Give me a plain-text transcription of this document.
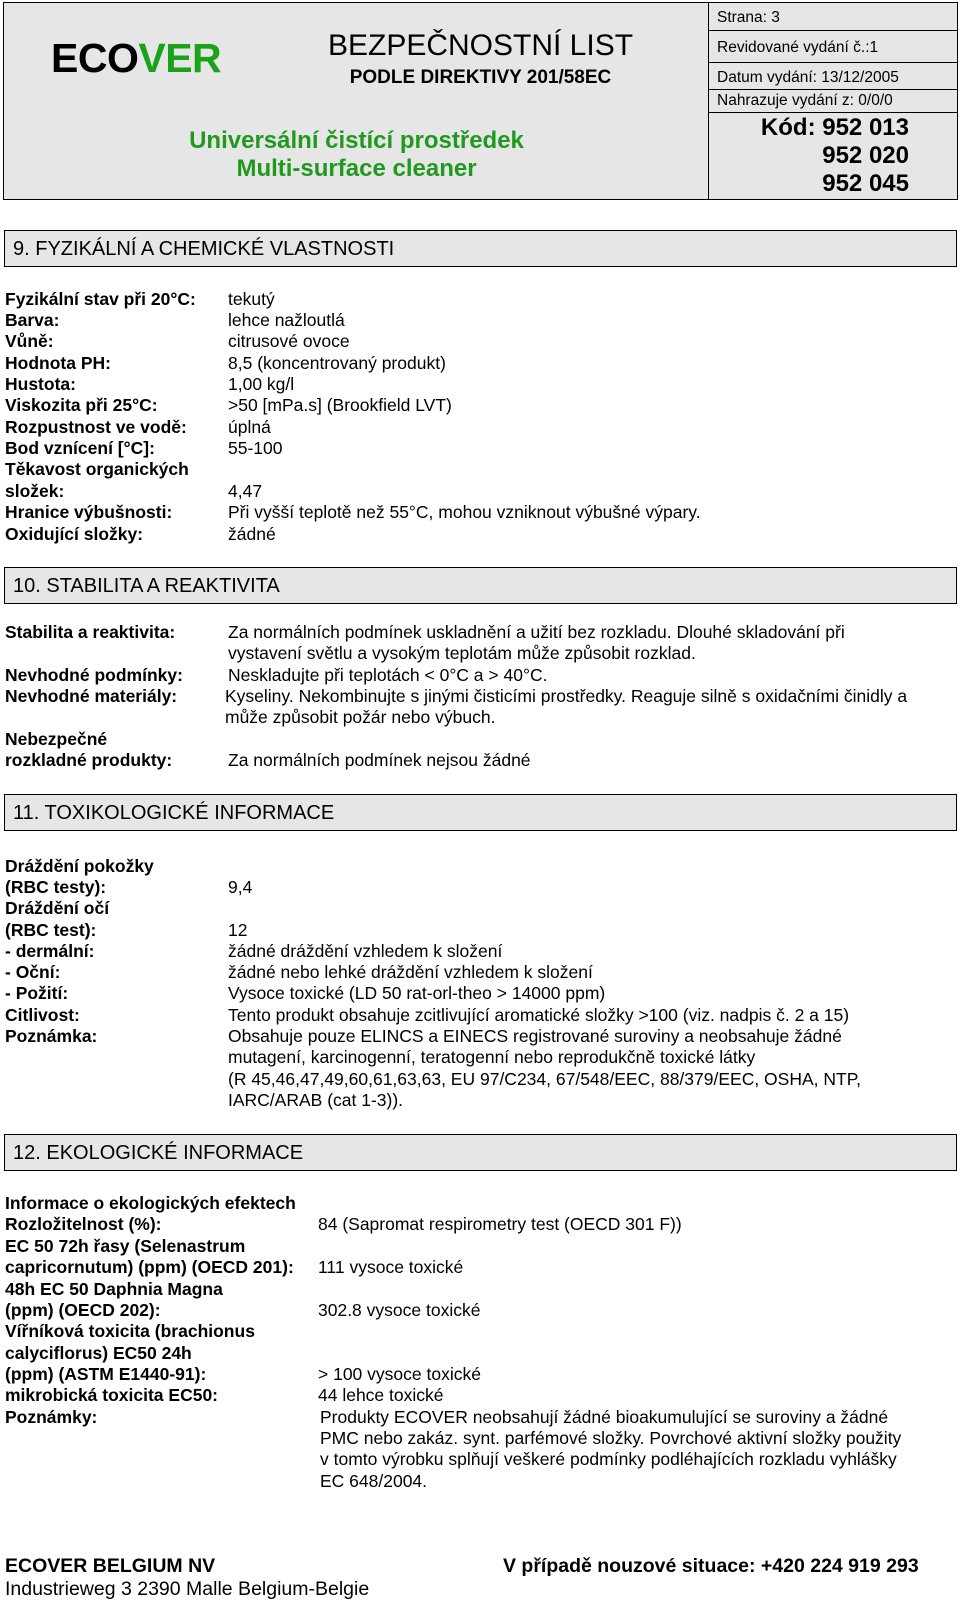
ECOVER	BEZPEČNOSTNÍ LIST
PODLE DIREKTIVY 201/58EC
Universální čistící prostředek
Multi-surface cleaner
Strana: 3
Revidované vydání č.:1
Datum vydání: 13/12/2005
Nahrazuje vydání z: 0/0/0
Kód: 952 013
952 020
952 045
9. FYZIKÁLNÍ A CHEMICKÉ VLASTNOSTI
Fyzikální stav při 20°C: tekutý
Barva:	lehce nažloutlá
Vůně:	citrusové ovoce
Hodnota PH:	8,5 (koncentrovaný produkt)
Hustota:	1,00 kg/l
Viskozita při 25°C:	>50 [mPa.s] (Brookfield LVT)
Rozpustnost ve vodě: úplná
Bod vznícení [°C]:	55-100
Těkavost organických
složek:	4,47
Hranice výbušnosti:	Při vyšší teplotě než 55°C, mohou vzniknout výbušné výpary.
Oxidující složky:	žádné
10. STABILITA A REAKTIVITA
Stabilita a reaktivita:	Za normálních podmínek uskladnění a užití bez rozkladu. Dlouhé skladování při
vystavení světlu a vysokým teplotám může způsobit rozklad.
Nevhodné podmínky:	Neskladujte při teplotách < 0°C a > 40°C.
Nevhodné materiály:	Kyseliny. Nekombinujte s jinými čisticími prostředky. Reaguje silně s oxidačními činidly a
může způsobit požár nebo výbuch.
Nebezpečné
rozkladné produkty:	Za normálních podmínek nejsou žádné
11. TOXIKOLOGICKÉ INFORMACE
Dráždění pokožky
(RBC testy):	9,4
Dráždění očí
(RBC test):	12
- dermální:	žádné dráždění vzhledem k složení
- Oční:	žádné nebo lehké dráždění vzhledem k složení
- Požití:	Vysoce toxické (LD 50 rat-orl-theo > 14000 ppm)
Citlivost:	Tento produkt obsahuje zcitlivující aromatické složky >100 (viz. nadpis č. 2 a 15)
Poznámka:	Obsahuje pouze ELINCS a EINECS registrované suroviny a neobsahuje žádné
mutagení, karcinogenní, teratogenní nebo reprodukčně toxické látky
(R 45,46,47,49,60,61,63,63, EU 97/C234, 67/548/EEC, 88/379/EEC, OSHA, NTP,
IARC/ARAB (cat 1-3)).
12. EKOLOGICKÉ INFORMACE
Informace o ekologických efektech
Rozložitelnost (%):	84 (Sapromat respirometry test (OECD 301 F))
EC 50 72h řasy (Selenastrum
capricornutum) (ppm) (OECD 201): 111 vysoce toxické
48h EC 50 Daphnia Magna
(ppm) (OECD 202):	302.8 vysoce toxické
Vířníková toxicita (brachionus
calyciflorus) EC50 24h
(ppm) (ASTM E1440-91):	> 100 vysoce toxické
mikrobická toxicita EC50:	44 lehce toxické
Poznámky:	Produkty ECOVER neobsahují žádné bioakumulující se suroviny a žádné
PMC nebo zakáz. synt. parfémové složky. Povrchové aktivní složky použity
v tomto výrobku splňují veškeré podmínky podléhajících rozkladu vyhlášky
EC 648/2004.
ECOVER BELGIUM NV	V případě nouzové situace: +420 224 919 293
Industrieweg 3 2390 Malle Belgium-Belgie
